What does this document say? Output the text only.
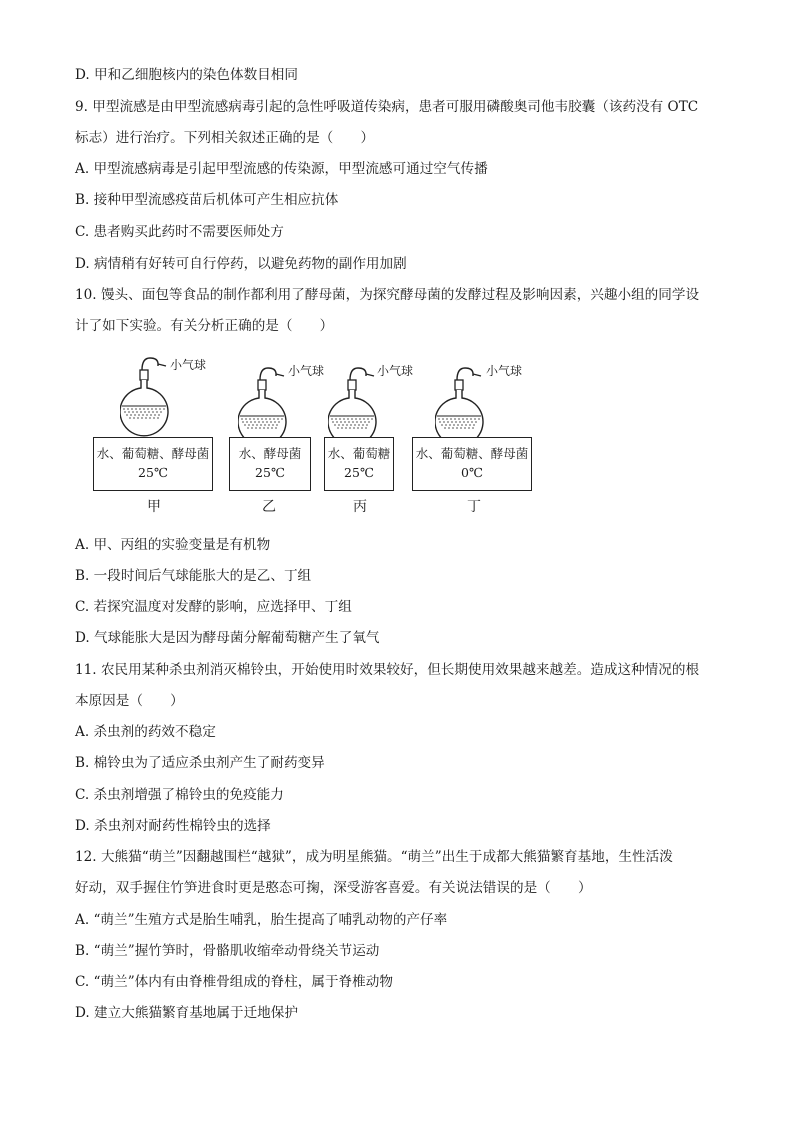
D. 甲和乙细胞核内的染色体数目相同
9. 甲型流感是由甲型流感病毒引起的急性呼吸道传染病，患者可服用磷酸奥司他韦胶囊（该药没有 OTC
标志）进行治疗。下列相关叙述正确的是（　　）
A. 甲型流感病毒是引起甲型流感的传染源，甲型流感可通过空气传播
B. 接种甲型流感疫苗后机体可产生相应抗体
C. 患者购买此药时不需要医师处方
D. 病情稍有好转可自行停药，以避免药物的副作用加剧
10. 馒头、面包等食品的制作都利用了酵母菌，为探究酵母菌的发酵过程及影响因素，兴趣小组的同学设
计了如下实验。有关分析正确的是（　　）
小气球	小气球	小气球	小气球
水、葡萄糖、酵母菌
25℃
水、酵母菌
25℃
水、葡萄糖
25℃
水、葡萄糖、酵母菌
0℃
甲	乙	丙	丁
A. 甲、丙组的实验变量是有机物
B. 一段时间后气球能胀大的是乙、丁组
C. 若探究温度对发酵的影响，应选择甲、丁组
D. 气球能胀大是因为酵母菌分解葡萄糖产生了氧气
11. 农民用某种杀虫剂消灭棉铃虫，开始使用时效果较好，但长期使用效果越来越差。造成这种情况的根
本原因是（　　）
A. 杀虫剂的药效不稳定
B. 棉铃虫为了适应杀虫剂产生了耐药变异
C. 杀虫剂增强了棉铃虫的免疫能力
D. 杀虫剂对耐药性棉铃虫的选择
12. 大熊猫“萌兰”因翻越围栏“越狱”，成为明星熊猫。“萌兰”出生于成都大熊猫繁育基地，生性活泼
好动，双手握住竹笋进食时更是憨态可掬，深受游客喜爱。有关说法错误的是（　　）
A. “萌兰”生殖方式是胎生哺乳，胎生提高了哺乳动物的产仔率
B. “萌兰”握竹笋时，骨骼肌收缩牵动骨绕关节运动
C. “萌兰”体内有由脊椎骨组成的脊柱，属于脊椎动物
D. 建立大熊猫繁育基地属于迁地保护
